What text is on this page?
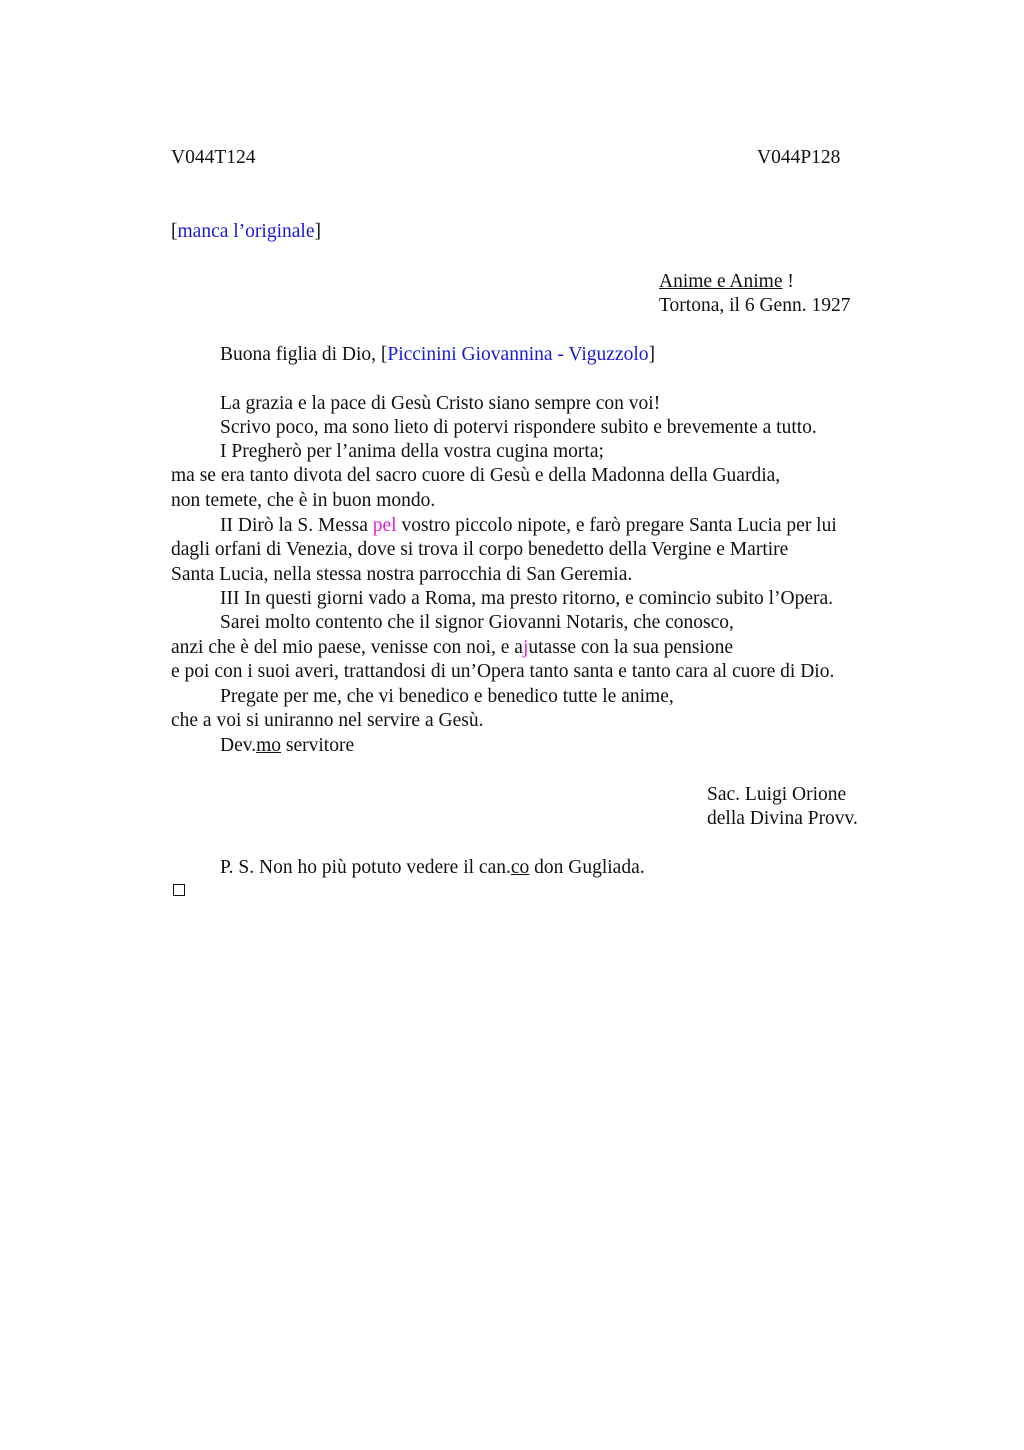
V044T124	V044P128
[manca l’originale]
Anime e Anime !
Tortona, il 6 Genn. 1927
Buona figlia di Dio, [Piccinini Giovannina - Viguzzolo]
La grazia e la pace di Gesù Cristo siano sempre con voi!
Scrivo poco, ma sono lieto di potervi rispondere subito e brevemente a tutto.
I Pregherò per l’anima della vostra cugina morta;
ma se era tanto divota del sacro cuore di Gesù e della Madonna della Guardia,
non temete, che è in buon mondo.
II Dirò la S. Messa pel vostro piccolo nipote, e farò pregare Santa Lucia per lui
dagli orfani di Venezia, dove si trova il corpo benedetto della Vergine e Martire
Santa Lucia, nella stessa nostra parrocchia di San Geremia.
III In questi giorni vado a Roma, ma presto ritorno, e comincio subito l’Opera.
Sarei molto contento che il signor Giovanni Notaris, che conosco,
anzi che è del mio paese, venisse con noi, e ajutasse con la sua pensione
e poi con i suoi averi, trattandosi di un’Opera tanto santa e tanto cara al cuore di Dio.
Pregate per me, che vi benedico e benedico tutte le anime,
che a voi si uniranno nel servire a Gesù.
Dev.mo servitore
Sac. Luigi Orione
della Divina Provv.
P. S. Non ho più potuto vedere il can.co don Gugliada.
